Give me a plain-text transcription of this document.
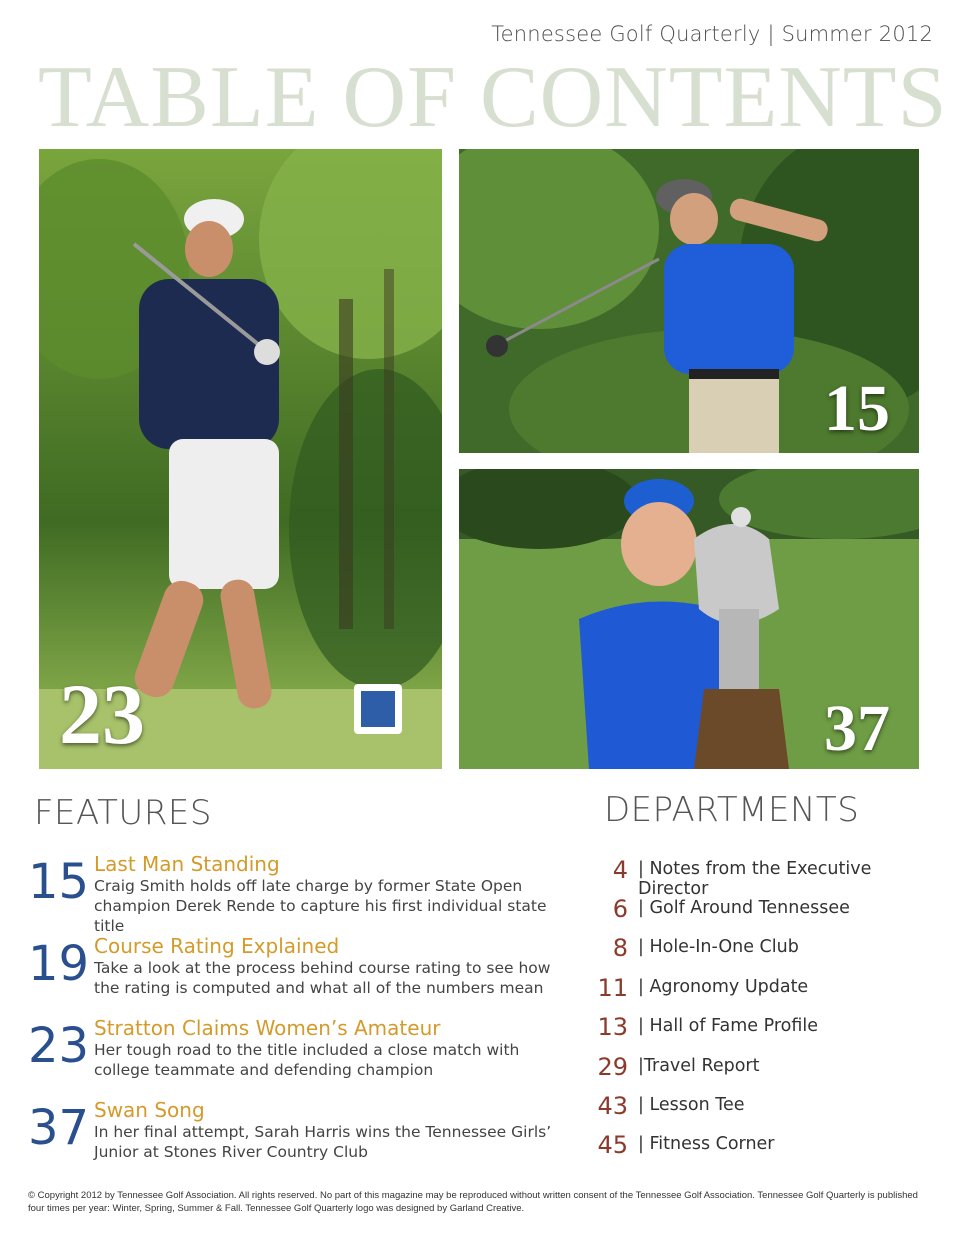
Tennessee Golf Quarterly | Summer 2012
TABLE OF CONTENTS
23
15
37
FEATURES
15 Last Man Standing
Craig Smith holds off late charge by former State Open champion Derek Rende to capture his first individual state title
19 Course Rating Explained
Take a look at the process behind course rating to see how the rating is computed and what all of the numbers mean
23 Stratton Claims Women’s Amateur
Her tough road to the title included a close match with college teammate and defending champion
37 Swan Song
In her final attempt, Sarah Harris wins the Tennessee Girls’ Junior at Stones River Country Club
DEPARTMENTS
4 | Notes from the Executive Director
6 | Golf Around Tennessee
8 | Hole-In-One Club
11 | Agronomy Update
13 | Hall of Fame Profile
29 |Travel Report
43 | Lesson Tee
45 | Fitness Corner
© Copyright 2012 by Tennessee Golf Association. All rights reserved. No part of this magazine may be reproduced without written consent of the Tennessee Golf Association. Tennessee Golf Quarterly is published four times per year: Winter, Spring, Summer & Fall. Tennessee Golf Quarterly logo was designed by Garland Creative.
